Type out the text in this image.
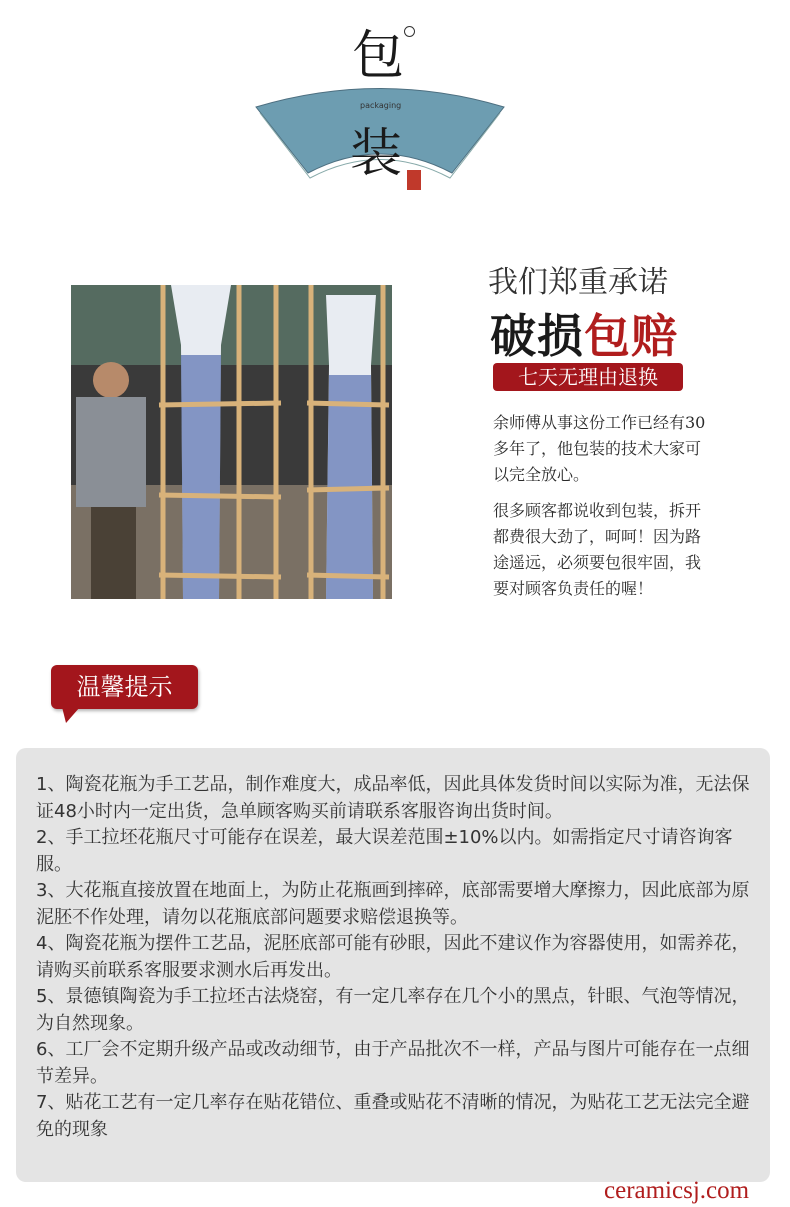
包
packaging
装
我们郑重承诺
破损包赔
七天无理由退换
余师傅从事这份工作已经有30多年了，他包装的技术大家可以完全放心。
很多顾客都说收到包装，拆开都费很大劲了，呵呵！因为路途遥远，必须要包很牢固，我要对顾客负责任的喔！
温馨提示
1、陶瓷花瓶为手工艺品，制作难度大，成品率低，因此具体发货时间以实际为准，无法保证48小时内一定出货，急单顾客购买前请联系客服咨询出货时间。
2、手工拉坯花瓶尺寸可能存在误差，最大误差范围±10%以内。如需指定尺寸请咨询客服。
3、大花瓶直接放置在地面上，为防止花瓶画到摔碎，底部需要增大摩擦力，因此底部为原泥胚不作处理，请勿以花瓶底部问题要求赔偿退换等。
4、陶瓷花瓶为摆件工艺品，泥胚底部可能有砂眼，因此不建议作为容器使用，如需养花，请购买前联系客服要求测水后再发出。
5、景德镇陶瓷为手工拉坯古法烧窑，有一定几率存在几个小的黑点，针眼、气泡等情况，为自然现象。
6、工厂会不定期升级产品或改动细节，由于产品批次不一样，产品与图片可能存在一点细节差异。
7、贴花工艺有一定几率存在贴花错位、重叠或贴花不清晰的情况，为贴花工艺无法完全避免的现象
ceramicsj.com
